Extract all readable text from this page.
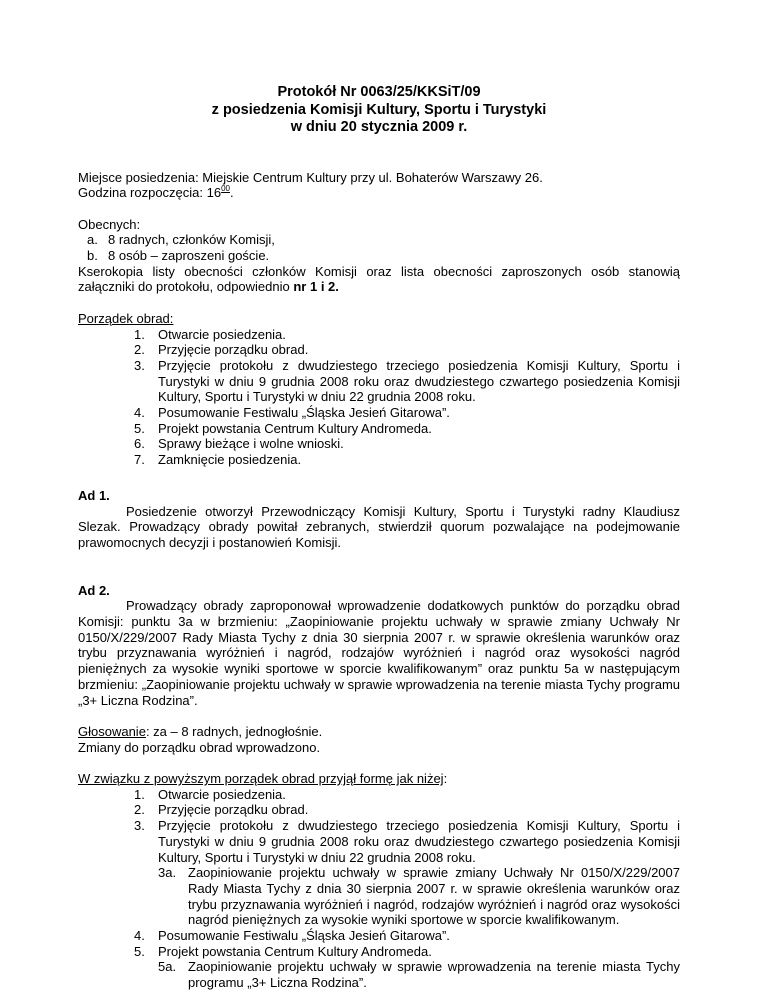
Protokół Nr 0063/25/KKSiT/09

z posiedzenia Komisji Kultury, Sportu i Turystyki

w dniu 20 stycznia 2009 r.

Miejsce posiedzenia: Miejskie Centrum Kultury przy ul. Bohaterów Warszawy 26.

Godzina rozpoczęcia: $16^{00}$.

Obecnych:

a. 8 radnych, członków Komisji,
b. 8 osób – zaproszeni goście.

Kserokopia listy obecności członków Komisji oraz lista obecności zaproszonych osób stanowią załączniki do protokołu, odpowiednio nr 1 i 2.

Porządek obrad:

1. Otwarcie posiedzenia.
2. Przyjęcie porządku obrad.
3. Przyjęcie protokołu z dwudziestego trzeciego posiedzenia Komisji Kultury, Sportu i Turystyki w dniu 9 grudnia 2008 roku oraz dwudziestego czwartego posiedzenia Komisji Kultury, Sportu i Turystyki w dniu 22 grudnia 2008 roku.
4. Posumowanie Festiwalu „Śląska Jesień Gitarowa”.
5. Projekt powstania Centrum Kultury Andromeda.
6. Sprawy bieżące i wolne wnioski.
7. Zamknięcie posiedzenia.

Ad 1.

Posiedzenie otworzył Przewodniczący Komisji Kultury, Sportu i Turystyki radny Klaudiusz Slezak. Prowadzący obrady powitał zebranych, stwierdził quorum pozwalające na podejmowanie prawomocnych decyzji i postanowień Komisji.

Ad 2.

Prowadzący obrady zaproponował wprowadzenie dodatkowych punktów do porządku obrad Komisji: punktu 3a w brzmieniu: „Zaopiniowanie projektu uchwały w sprawie zmiany Uchwały Nr 0150/X/229/2007 Rady Miasta Tychy z dnia 30 sierpnia 2007 r. w sprawie określenia warunków oraz trybu przyznawania wyróżnień i nagród, rodzajów wyróżnień i nagród oraz wysokości nagród pieniężnych za wysokie wyniki sportowe w sporcie kwalifikowanym” oraz punktu 5a w następującym brzmieniu: „Zaopiniowanie projektu uchwały w sprawie wprowadzenia na terenie miasta Tychy programu „3+ Liczna Rodzina”.

Głosowanie: za – 8 radnych, jednogłośnie.

Zmiany do porządku obrad wprowadzono.

W związku z powyższym porządek obrad przyjął formę jak niżej:

1. Otwarcie posiedzenia.
2. Przyjęcie porządku obrad.
3. Przyjęcie protokołu z dwudziestego trzeciego posiedzenia Komisji Kultury, Sportu i Turystyki w dniu 9 grudnia 2008 roku oraz dwudziestego czwartego posiedzenia Komisji Kultury, Sportu i Turystyki w dniu 22 grudnia 2008 roku.
3a. Zaopiniowanie projektu uchwały w sprawie zmiany Uchwały Nr 0150/X/229/2007 Rady Miasta Tychy z dnia 30 sierpnia 2007 r. w sprawie określenia warunków oraz trybu przyznawania wyróżnień i nagród, rodzajów wyróżnień i nagród oraz wysokości nagród pieniężnych za wysokie wyniki sportowe w sporcie kwalifikowanym.
4. Posumowanie Festiwalu „Śląska Jesień Gitarowa”.
5. Projekt powstania Centrum Kultury Andromeda.
5a. Zaopiniowanie projektu uchwały w sprawie wprowadzenia na terenie miasta Tychy programu „3+ Liczna Rodzina”.
